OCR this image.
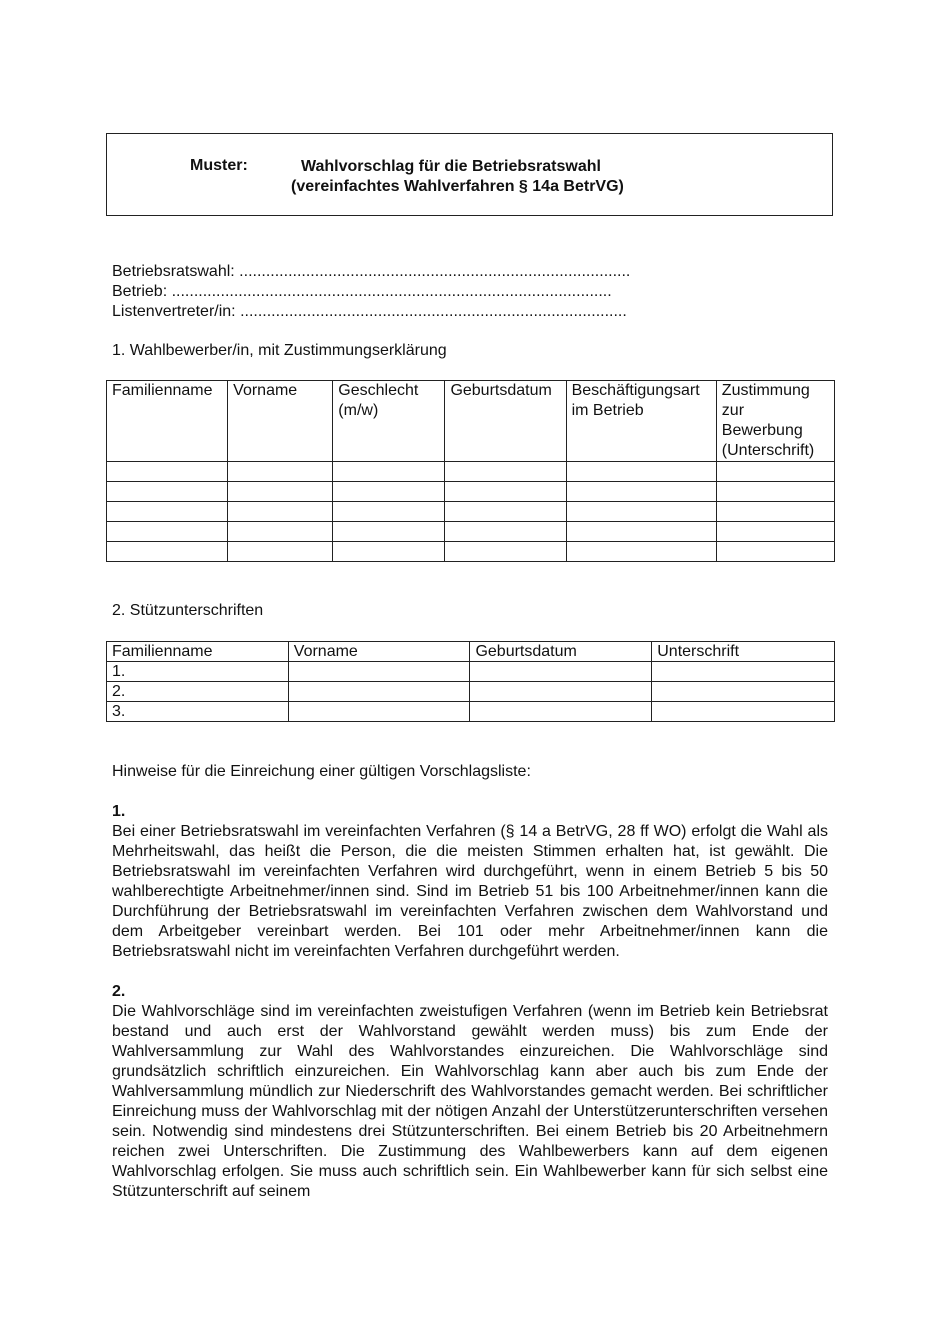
Muster:	Wahlvorschlag für die Betriebsratswahl
(vereinfachtes Wahlverfahren § 14a BetrVG)
Betriebsratswahl: ........................................................................................
Betrieb: ...................................................................................................
Listenvertreter/in: .......................................................................................
1. Wahlbewerber/in, mit Zustimmungserklärung
Familienname	Vorname	Geschlecht (m/w)	Geburtsdatum	Beschäftigungsart im Betrieb	Zustimmung zur Bewerbung (Unterschrift)

2. Stützunterschriften
Familienname	Vorname	Geburtsdatum	Unterschrift
1.			
2.			
3.			

Hinweise für die Einreichung einer gültigen Vorschlagsliste:

1.

Bei einer Betriebsratswahl im vereinfachten Verfahren (§ 14 a BetrVG, 28 ff WO) erfolgt die Wahl als Mehrheitswahl, das heißt die Person, die die meisten Stimmen erhalten hat, ist gewählt. Die Betriebsratswahl im vereinfachten Verfahren wird durchgeführt, wenn in einem Betrieb 5 bis 50 wahlberechtigte Arbeitnehmer/innen sind. Sind im Betrieb 51 bis 100 Arbeitnehmer/innen kann die Durchführung der Betriebsratswahl im vereinfachten Verfahren zwischen dem Wahlvorstand und dem Arbeitgeber vereinbart werden. Bei 101 oder mehr Arbeitnehmer/innen kann die Betriebsratswahl nicht im vereinfachten Verfahren durchgeführt werden.

2.

Die Wahlvorschläge sind im vereinfachten zweistufigen Verfahren (wenn im Betrieb kein Betriebsrat bestand und auch erst der Wahlvorstand gewählt werden muss) bis zum Ende der Wahlversammlung zur Wahl des Wahlvorstandes einzureichen. Die Wahlvorschläge sind grundsätzlich schriftlich einzureichen. Ein Wahlvorschlag kann aber auch bis zum Ende der Wahlversammlung mündlich zur Niederschrift des Wahlvorstandes gemacht werden. Bei schriftlicher Einreichung muss der Wahlvorschlag mit der nötigen Anzahl der Unterstützerunterschriften versehen sein. Notwendig sind mindestens drei Stützunterschriften. Bei einem Betrieb bis 20 Arbeitnehmern reichen zwei Unterschriften. Die Zustimmung des Wahlbewerbers kann auf dem eigenen Wahlvorschlag erfolgen. Sie muss auch schriftlich sein. Ein Wahlbewerber kann für sich selbst eine Stützunterschrift auf seinem
